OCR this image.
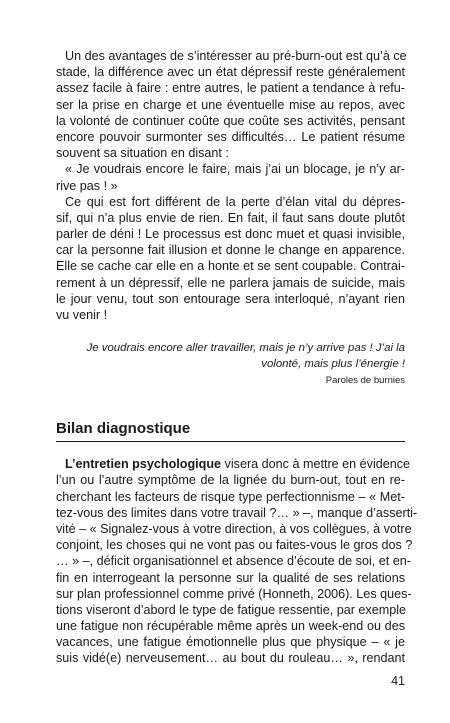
Un des avantages de s’intéresser au pré-burn-out est qu’à ce
stade, la différence avec un état dépressif reste généralement
assez facile à faire : entre autres, le patient a tendance à refu-
ser la prise en charge et une éventuelle mise au repos, avec
la volonté de continuer coûte que coûte ses activités, pensant
encore pouvoir surmonter ses difficultés… Le patient résume
souvent sa situation en disant :
« Je voudrais encore le faire, mais j’ai un blocage, je n’y ar-
rive pas ! »
Ce qui est fort différent de la perte d’élan vital du dépres-
sif, qui n’a plus envie de rien. En fait, il faut sans doute plutôt
parler de déni ! Le processus est donc muet et quasi invisible,
car la personne fait illusion et donne le change en apparence.
Elle se cache car elle en a honte et se sent coupable. Contrai-
rement à un dépressif, elle ne parlera jamais de suicide, mais
le jour venu, tout son entourage sera interloqué, n’ayant rien
vu venir !
Je voudrais encore aller travailler, mais je n’y arrive pas ! J’ai la
volonté, mais plus l’énergie !
Paroles de burnies
Bilan diagnostique
L’entretien psychologique visera donc à mettre en évidence
l’un ou l’autre symptôme de la lignée du burn-out, tout en re-
cherchant les facteurs de risque type perfectionnisme – « Met-
tez-vous des limites dans votre travail ?… » –, manque d’asserti-
vité – « Signalez-vous à votre direction, à vos collègues, à votre
conjoint, les choses qui ne vont pas ou faites-vous le gros dos ?
… » –, déficit organisationnel et absence d’écoute de soi, et en-
fin en interrogeant la personne sur la qualité de ses relations
sur plan professionnel comme privé (Honneth, 2006). Les ques-
tions viseront d’abord le type de fatigue ressentie, par exemple
une fatigue non récupérable même après un week-end ou des
vacances, une fatigue émotionnelle plus que physique – « je
suis vidé(e) nerveusement… au bout du rouleau… », rendant
41
